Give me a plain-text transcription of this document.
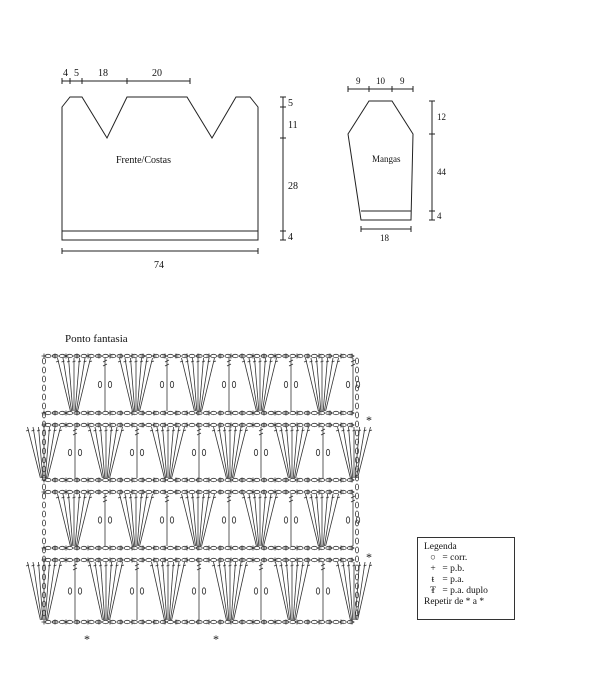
Frente/Costas
4 5 18	20
5
11
28
4
74
Mangas
9 10 9
12
44
4
18
Ponto fantasia
*
*
*	*
Legenda
○ = corr.
+ = p.b.
ŧ = p.a.
₮ = p.a. duplo
Repetir de * a *
